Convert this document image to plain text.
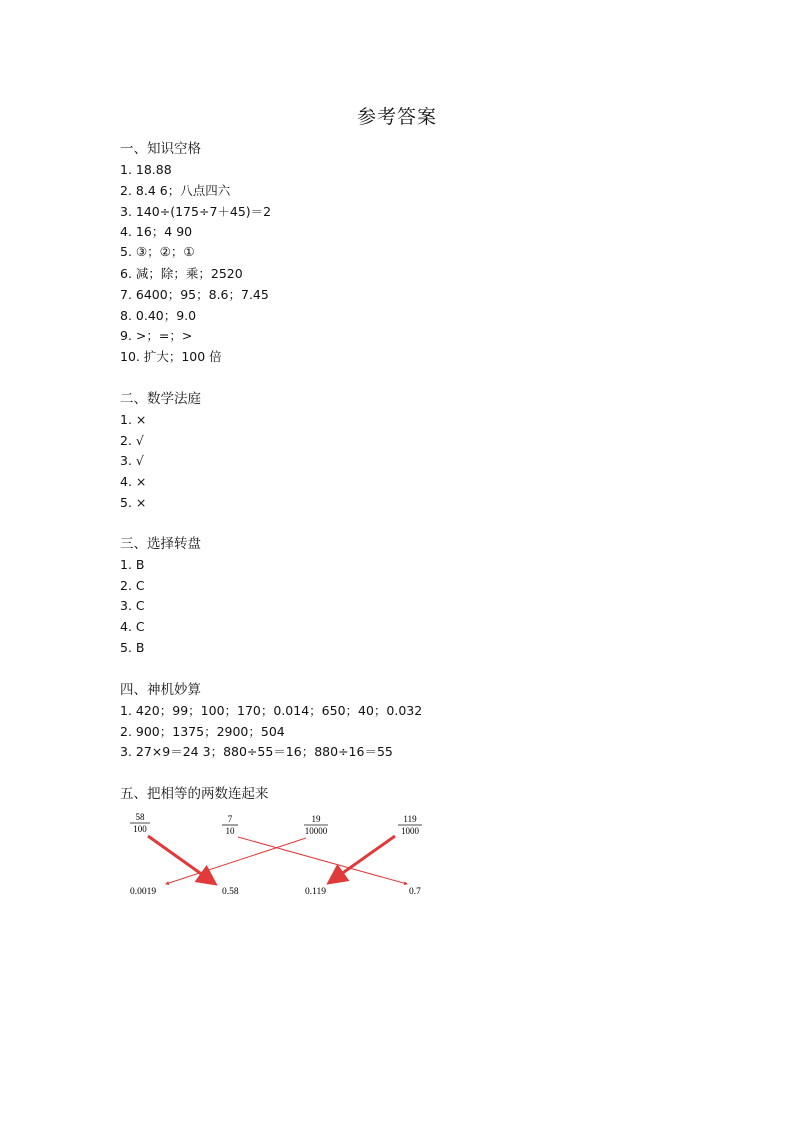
参考答案
一、知识空格
1. 18.88
2. 8.4 6；八点四六
3. 140÷(175÷7＋45)＝2
4. 16；4 90
5. ③；②；①
6. 减；除；乘；2520
7. 6400；95；8.6；7.45
8. 0.40；9.0
9. >；=；>
10. 扩大；100 倍
二、数学法庭
1. ×
2. √
3. √
4. ×
5. ×
三、选择转盘
1. B
2. C
3. C
4. C
5. B
四、神机妙算
1. 420；99；100；170；0.014；650；40；0.032
2. 900；1375；2900；504
3. 27×9＝24 3；880÷55＝16；880÷16＝55
五、把相等的两数连起来
58
100
7
10
19
10000
119
1000
0.0019	0.58	0.119	0.7
